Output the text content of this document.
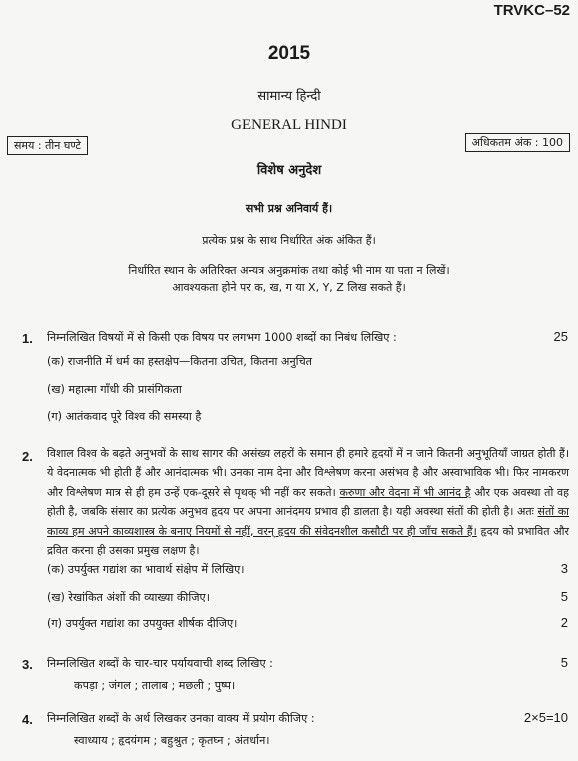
TRVKC–52
2015
सामान्य हिन्दी
GENERAL HINDI
समय : तीन घण्टे	अधिकतम अंक : 100
विशेष अनुदेश
सभी प्रश्न अनिवार्य हैं।
प्रत्येक प्रश्न के साथ निर्धारित अंक अंकित हैं।
निर्धारित स्थान के अतिरिक्त अन्यत्र अनुक्रमांक तथा कोई भी नाम या पता न लिखें।
आवश्यकता होने पर क, ख, ग या X, Y, Z लिख सकते हैं।
1. निम्नलिखित विषयों में से किसी एक विषय पर लगभग 1000 शब्दों का निबंध लिखिए :	25
(क) राजनीति में धर्म का हस्तक्षेप—कितना उचित, कितना अनुचित
(ख) महात्मा गाँधी की प्रासंगिकता
(ग) आतंकवाद पूरे विश्व की समस्या है
2. विशाल विश्व के बढ़ते अनुभवों के साथ सागर की असंख्य लहरों के समान ही हमारे हृदयों में न जाने कितनी अनुभूतियाँ जाग्रत होती हैं। ये वेदनात्मक भी होती हैं और आनंदात्मक भी। उनका नाम देना और विश्लेषण करना असंभव है और अस्वाभाविक भी। फिर नामकरण और विश्लेषण मात्र से ही हम उन्हें एक-दूसरे से पृथक् भी नहीं कर सकते। करुणा और वेदना में भी आनंद है और एक अवस्था तो वह होती है, जबकि संसार का प्रत्येक अनुभव हृदय पर अपना आनंदमय प्रभाव ही डालता है। यही अवस्था संतों की होती है। अतः संतों का काव्य हम अपने काव्यशास्त्र के बनाए नियमों से नहीं, वरन् हृदय की संवेदनशील कसौटी पर ही जाँच सकते हैं। हृदय को प्रभावित और द्रवित करना ही उसका प्रमुख लक्षण है।
(क) उपर्युक्त गद्यांश का भावार्थ संक्षेप में लिखिए।	3
(ख) रेखांकित अंशों की व्याख्या कीजिए।	5
(ग) उपर्युक्त गद्यांश का उपयुक्त शीर्षक दीजिए।	2
3. निम्नलिखित शब्दों के चार-चार पर्यायवाची शब्द लिखिए :	5
कपड़ा ; जंगल ; तालाब ; मछली ; पुष्प।
4. निम्नलिखित शब्दों के अर्थ लिखकर उनका वाक्य में प्रयोग कीजिए :	2×5=10
स्वाध्याय ; हृदयंगम ; बहुश्रुत ; कृतघ्न ; अंतर्धान।
